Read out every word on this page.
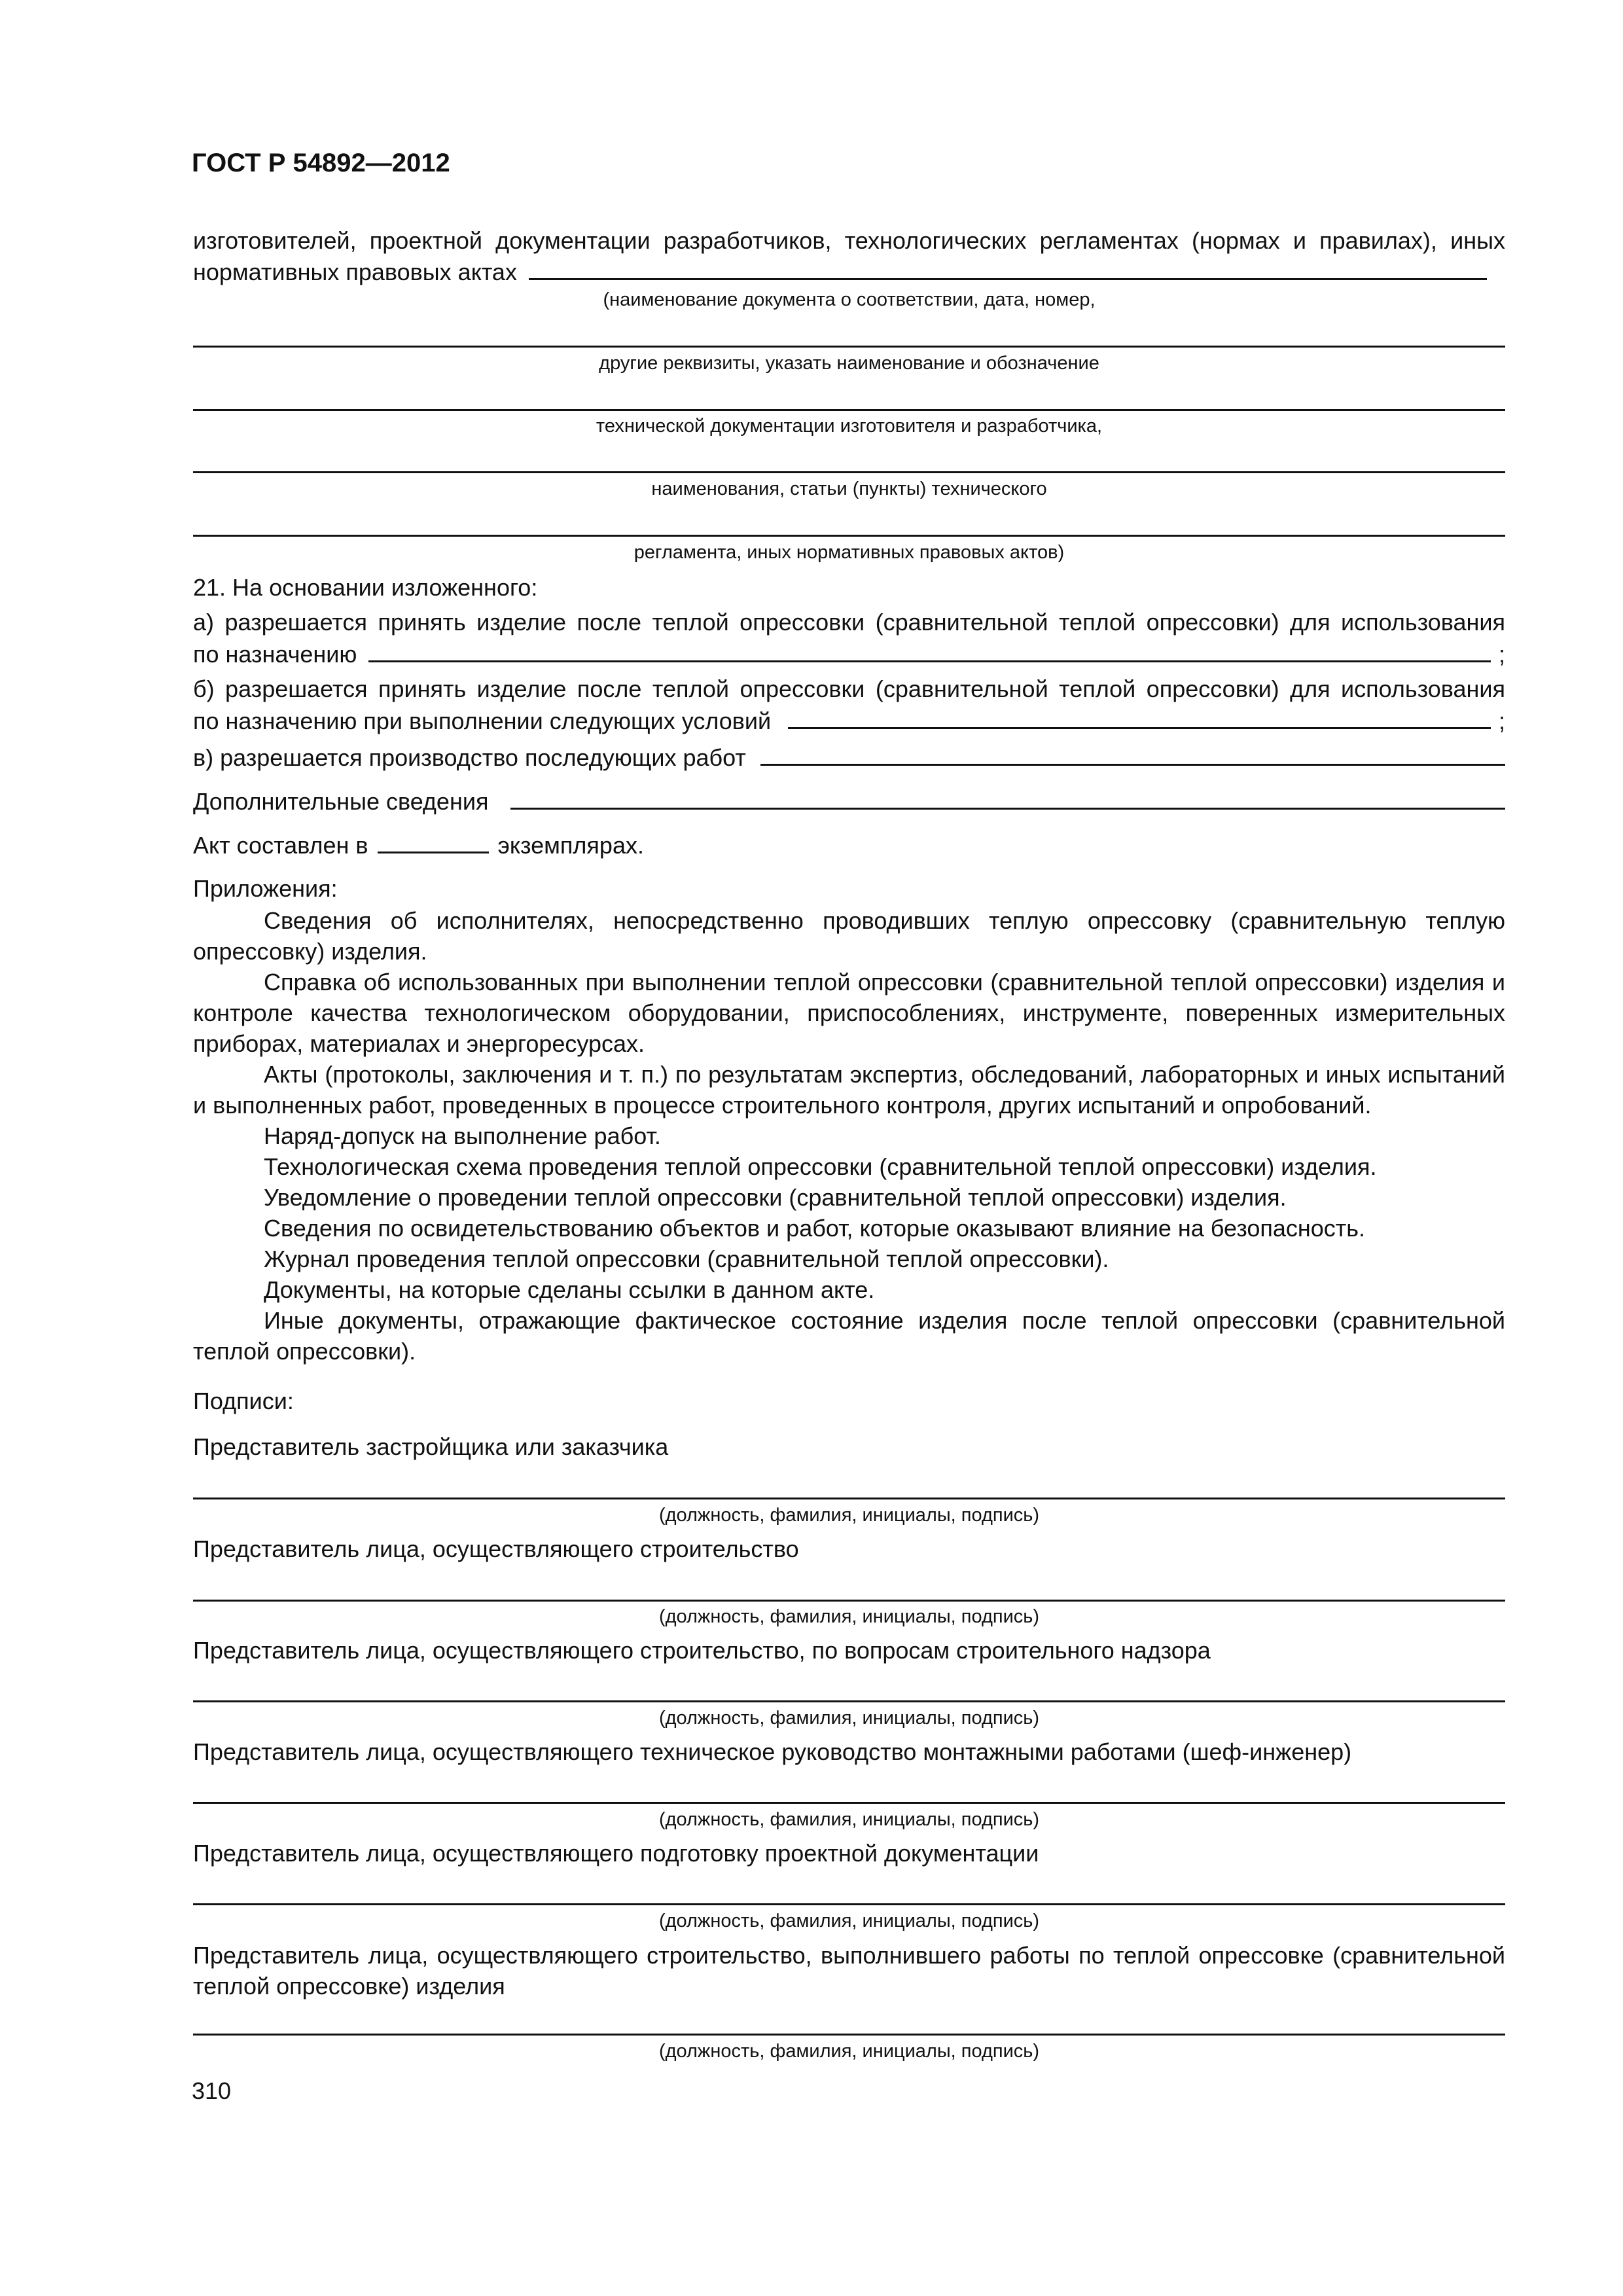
ГОСТ Р 54892—2012
изготовителей, проектной документации разработчиков, технологических регламентах (нормах и правилах), иных
нормативных правовых актах
(наименование документа о соответствии, дата, номер,
другие реквизиты, указать наименование и обозначение
технической документации изготовителя и разработчика,
наименования, статьи (пункты) технического
регламента, иных нормативных правовых актов)
21. На основании изложенного:
а) разрешается принять изделие после теплой опрессовки (сравнительной теплой опрессовки) для использования
по назначению	;
б) разрешается принять изделие после теплой опрессовки (сравнительной теплой опрессовки) для использования
по назначению при выполнении следующих условий	;
в) разрешается производство последующих работ
Дополнительные сведения
Акт составлен в	экземплярах.
Приложения:
Сведения об исполнителях, непосредственно проводивших теплую опрессовку (сравнительную теплую опрессовку) изделия.
Справка об использованных при выполнении теплой опрессовки (сравнительной теплой опрессовки) изделия и контроле качества технологическом оборудовании, приспособлениях, инструменте, поверенных измерительных приборах, материалах и энергоресурсах.
Акты (протоколы, заключения и т. п.) по результатам экспертиз, обследований, лабораторных и иных испытаний и выполненных работ, проведенных в процессе строительного контроля, других испытаний и опробований.
Наряд-допуск на выполнение работ.
Технологическая схема проведения теплой опрессовки (сравнительной теплой опрессовки) изделия.
Уведомление о проведении теплой опрессовки (сравнительной теплой опрессовки) изделия.
Сведения по освидетельствованию объектов и работ, которые оказывают влияние на безопасность.
Журнал проведения теплой опрессовки (сравнительной теплой опрессовки).
Документы, на которые сделаны ссылки в данном акте.
Иные документы, отражающие фактическое состояние изделия после теплой опрессовки (сравнительной теплой опрессовки).
Подписи:
Представитель застройщика или заказчика
(должность, фамилия, инициалы, подпись)
Представитель лица, осуществляющего строительство
(должность, фамилия, инициалы, подпись)
Представитель лица, осуществляющего строительство, по вопросам строительного надзора
(должность, фамилия, инициалы, подпись)
Представитель лица, осуществляющего техническое руководство монтажными работами (шеф-инженер)
(должность, фамилия, инициалы, подпись)
Представитель лица, осуществляющего подготовку проектной документации
(должность, фамилия, инициалы, подпись)
Представитель лица, осуществляющего строительство, выполнившего работы по теплой опрессовке (сравнительной теплой опрессовке) изделия
(должность, фамилия, инициалы, подпись)
310
